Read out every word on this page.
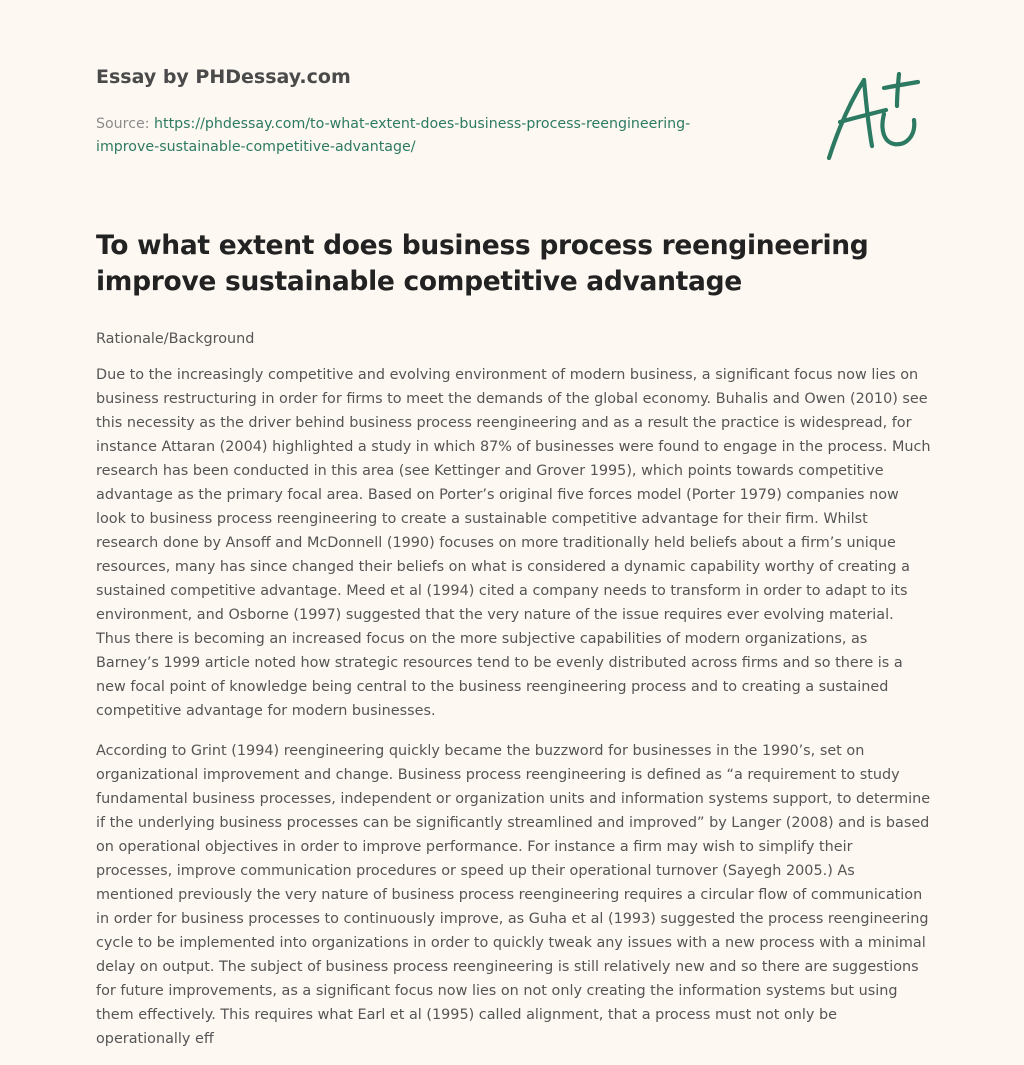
Essay by PHDessay.com
Source: https://phdessay.com/to-what-extent-does-business-process-reengineering-
improve-sustainable-competitive-advantage/
To what extent does business process reengineering improve sustainable competitive advantage

Rationale/Background

Due to the increasingly competitive and evolving environment of modern business, a significant focus now lies on business restructuring in order for firms to meet the demands of the global economy. Buhalis and Owen (2010) see this necessity as the driver behind business process reengineering and as a result the practice is widespread, for instance Attaran (2004) highlighted a study in which 87% of businesses were found to engage in the process. Much research has been conducted in this area (see Kettinger and Grover 1995), which points towards competitive advantage as the primary focal area. Based on Porter’s original five forces model (Porter 1979) companies now look to business process reengineering to create a sustainable competitive advantage for their firm. Whilst research done by Ansoff and McDonnell (1990) focuses on more traditionally held beliefs about a firm’s unique resources, many has since changed their beliefs on what is considered a dynamic capability worthy of creating a sustained competitive advantage. Meed et al (1994) cited a company needs to transform in order to adapt to its environment, and Osborne (1997) suggested that the very nature of the issue requires ever evolving material. Thus there is becoming an increased focus on the more subjective capabilities of modern organizations, as Barney’s 1999 article noted how strategic resources tend to be evenly distributed across firms and so there is a new focal point of knowledge being central to the business reengineering process and to creating a sustained competitive advantage for modern businesses.

According to Grint (1994) reengineering quickly became the buzzword for businesses in the 1990’s, set on organizational improvement and change. Business process reengineering is defined as “a requirement to study fundamental business processes, independent or organization units and information systems support, to determine if the underlying business processes can be significantly streamlined and improved” by Langer (2008) and is based on operational objectives in order to improve performance. For instance a firm may wish to simplify their processes, improve communication procedures or speed up their operational turnover (Sayegh 2005.) As mentioned previously the very nature of business process reengineering requires a circular flow of communication in order for business processes to continuously improve, as Guha et al (1993) suggested the process reengineering cycle to be implemented into organizations in order to quickly tweak any issues with a new process with a minimal delay on output. The subject of business process reengineering is still relatively new and so there are suggestions for future improvements, as a significant focus now lies on not only creating the information systems but using them effectively. This requires what Earl et al (1995) called alignment, that a process must not only be operationally eff
